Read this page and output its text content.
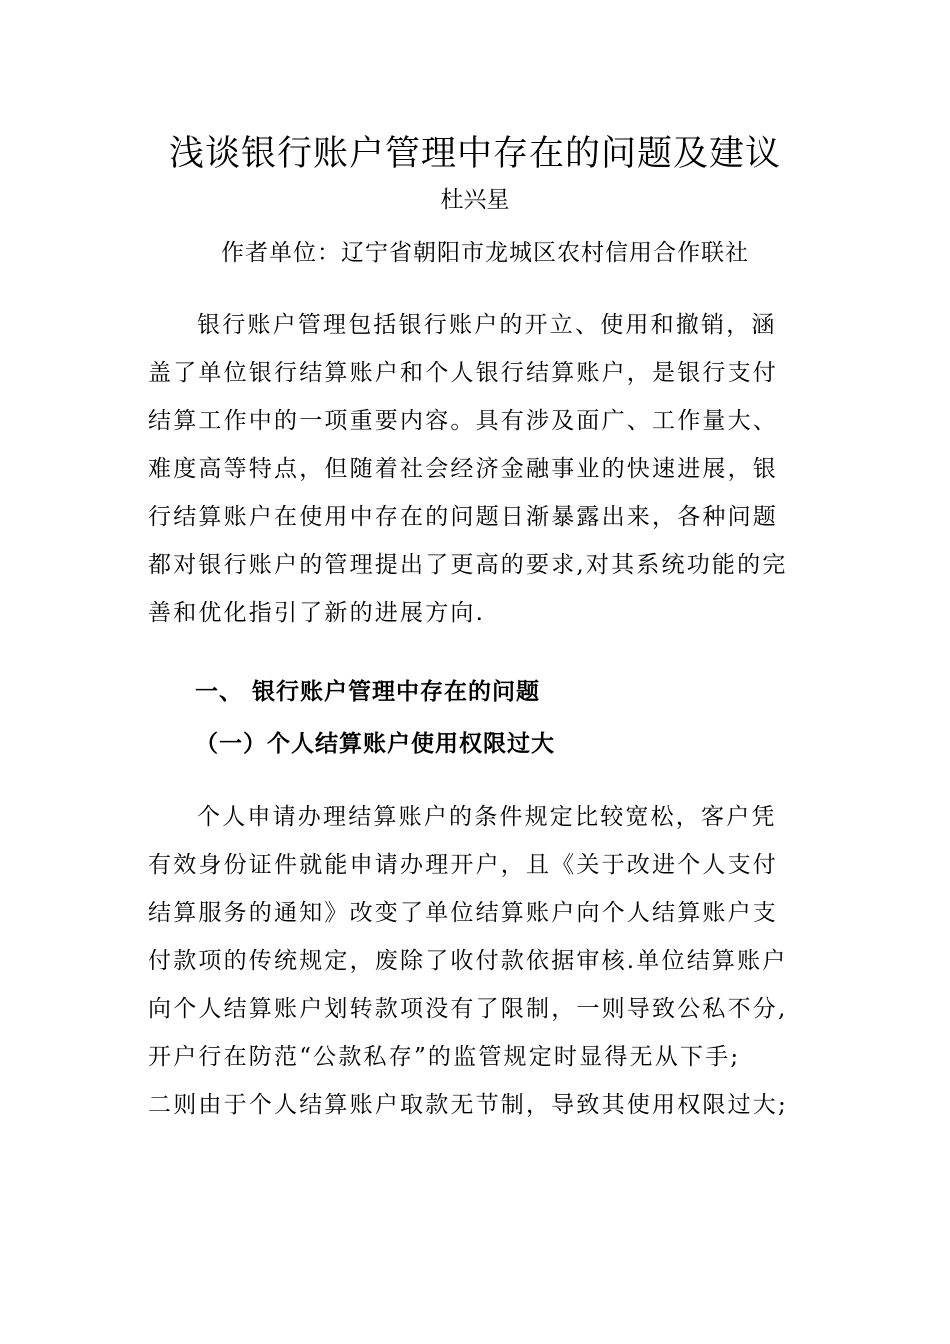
浅谈银行账户管理中存在的问题及建议
杜兴星
作者单位：辽宁省朝阳市龙城区农村信用合作联社
银行账户管理包括银行账户的开立、使用和撤销，涵
盖了单位银行结算账户和个人银行结算账户，是银行支付
结算工作中的一项重要内容。具有涉及面广、工作量大、
难度高等特点，但随着社会经济金融事业的快速进展，银
行结算账户在使用中存在的问题日渐暴露出来，各种问题
都对银行账户的管理提出了更高的要求,对其系统功能的完
善和优化指引了新的进展方向.
一、 银行账户管理中存在的问题
（一）个人结算账户使用权限过大
个人申请办理结算账户的条件规定比较宽松，客户凭
有效身份证件就能申请办理开户，且《关于改进个人支付
结算服务的通知》改变了单位结算账户向个人结算账户支
付款项的传统规定，废除了收付款依据审核.单位结算账户
向个人结算账户划转款项没有了限制，一则导致公私不分,
开户行在防范“公款私存”的监管规定时显得无从下手;
二则由于个人结算账户取款无节制，导致其使用权限过大;
